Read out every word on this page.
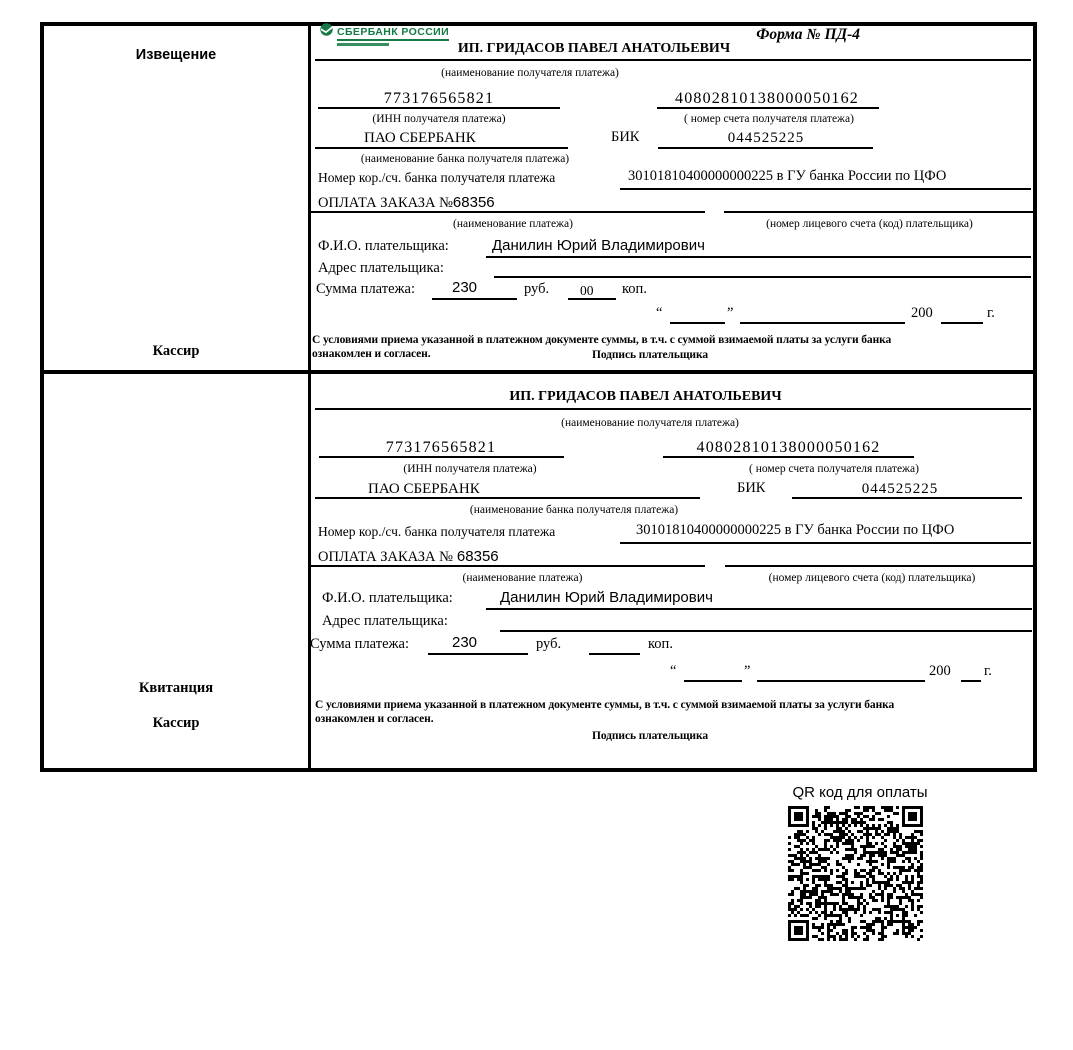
Извещение
Кассир
СБЕРБАНК РОССИИ	Форма № ПД-4
ИП. ГРИДАСОВ ПАВЕЛ АНАТОЛЬЕВИЧ
(наименование получателя платежа)
773176565821	40802810138000050162
(ИНН получателя платежа)	( номер счета получателя платежа)
ПАО СБЕРБАНК	БИК	044525225
(наименование банка получателя платежа)
Номер кор./сч. банка получателя платежа	30101810400000000225 в ГУ банка России по ЦФО
ОПЛАТА ЗАКАЗА №68356
(наименование платежа)	(номер лицевого счета (код) плательщика)
Ф.И.О. плательщика:	Данилин Юрий Владимирович
Адрес плательщика:
Сумма платежа: 230	руб. 00 коп.
“	”	200	г.
С условиями приема указанной в платежном документе суммы, в т.ч. с суммой взимаемой платы за услуги банка
ознакомлен и согласен.	Подпись плательщика
Квитанция
Кассир
ИП. ГРИДАСОВ ПАВЕЛ АНАТОЛЬЕВИЧ
(наименование получателя платежа)
773176565821	40802810138000050162
(ИНН получателя платежа)	( номер счета получателя платежа)
ПАО СБЕРБАНК	БИК	044525225
(наименование банка получателя платежа)
Номер кор./сч. банка получателя платежа	30101810400000000225 в ГУ банка России по ЦФО
ОПЛАТА ЗАКАЗА № 68356
(наименование платежа)	(номер лицевого счета (код) плательщика)
Ф.И.О. плательщика:	Данилин Юрий Владимирович
Адрес плательщика:
Сумма платежа:	230	руб.	коп.
“	”	200 г.
С условиями приема указанной в платежном документе суммы, в т.ч. с суммой взимаемой платы за услуги банка
ознакомлен и согласен.
Подпись плательщика
QR код для оплаты
